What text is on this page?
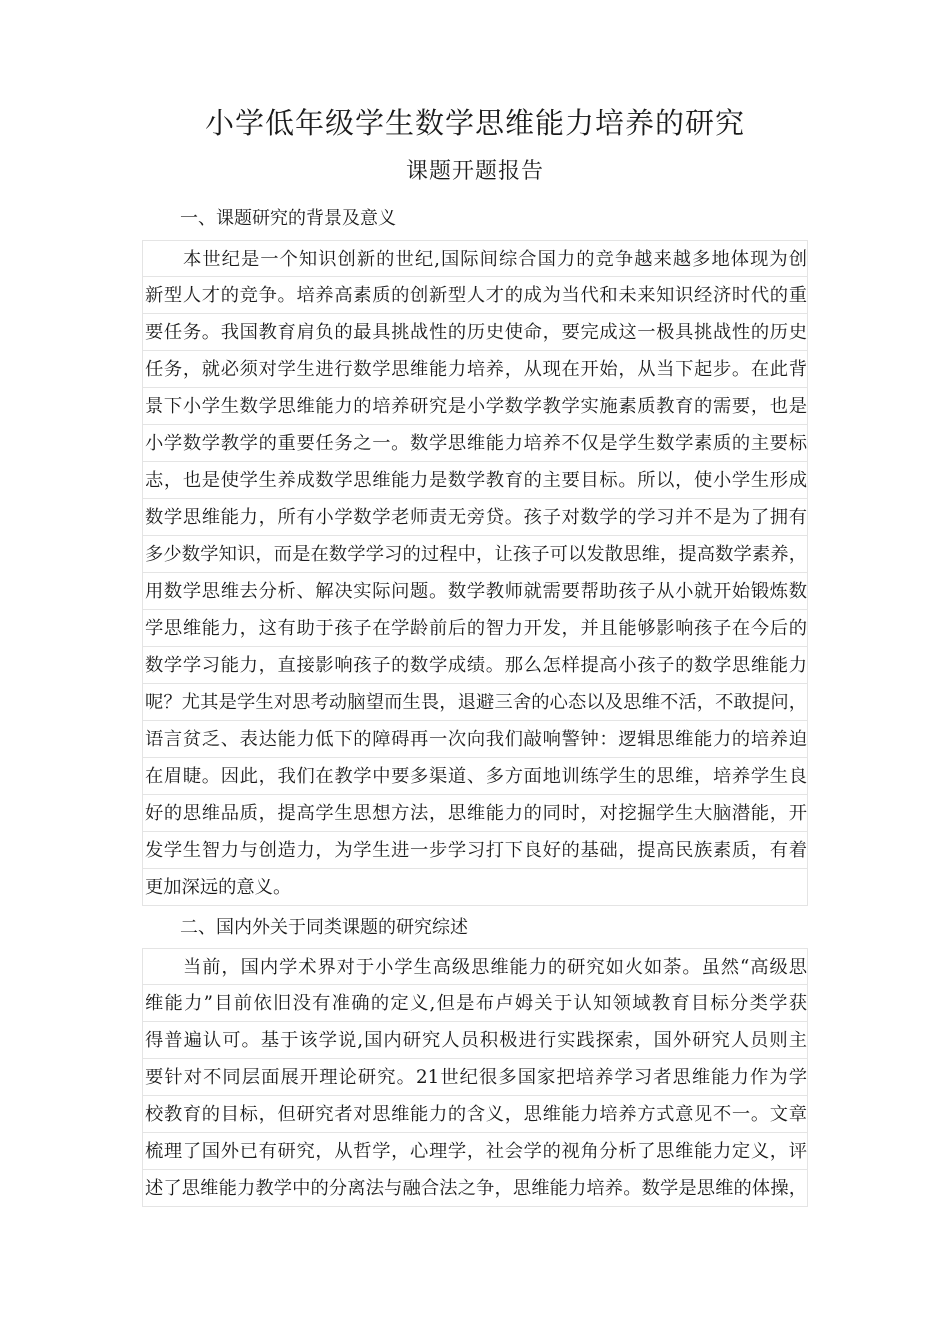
小学低年级学生数学思维能力培养的研究
课题开题报告
一、课题研究的背景及意义
本世纪是一个知识创新的世纪,国际间综合国力的竞争越来越多地体现为创
新型人才的竞争。培养高素质的创新型人才的成为当代和未来知识经济时代的重
要任务。我国教育肩负的最具挑战性的历史使命，要完成这一极具挑战性的历史
任务，就必须对学生进行数学思维能力培养，从现在开始，从当下起步。在此背
景下小学生数学思维能力的培养研究是小学数学教学实施素质教育的需要，也是
小学数学教学的重要任务之一。数学思维能力培养不仅是学生数学素质的主要标
志，也是使学生养成数学思维能力是数学教育的主要目标。所以，使小学生形成
数学思维能力，所有小学数学老师责无旁贷。孩子对数学的学习并不是为了拥有
多少数学知识，而是在数学学习的过程中，让孩子可以发散思维，提高数学素养，
用数学思维去分析、解决实际问题。数学教师就需要帮助孩子从小就开始锻炼数
学思维能力，这有助于孩子在学龄前后的智力开发，并且能够影响孩子在今后的
数学学习能力，直接影响孩子的数学成绩。那么怎样提高小孩子的数学思维能力
呢？尤其是学生对思考动脑望而生畏，退避三舍的心态以及思维不活，不敢提问，
语言贫乏、表达能力低下的障碍再一次向我们敲响警钟：逻辑思维能力的培养迫
在眉睫。因此，我们在教学中要多渠道、多方面地训练学生的思维，培养学生良
好的思维品质，提高学生思想方法，思维能力的同时，对挖掘学生大脑潜能，开
发学生智力与创造力，为学生进一步学习打下良好的基础，提高民族素质，有着
更加深远的意义。
二、国内外关于同类课题的研究综述
当前，国内学术界对于小学生高级思维能力的研究如火如荼。虽然“高级思
维能力”目前依旧没有准确的定义,但是布卢姆关于认知领域教育目标分类学获
得普遍认可。基于该学说,国内研究人员积极进行实践探索，国外研究人员则主
要针对不同层面展开理论研究。21世纪很多国家把培养学习者思维能力作为学
校教育的目标，但研究者对思维能力的含义，思维能力培养方式意见不一。文章
梳理了国外已有研究，从哲学，心理学，社会学的视角分析了思维能力定义，评
述了思维能力教学中的分离法与融合法之争，思维能力培养。数学是思维的体操，
